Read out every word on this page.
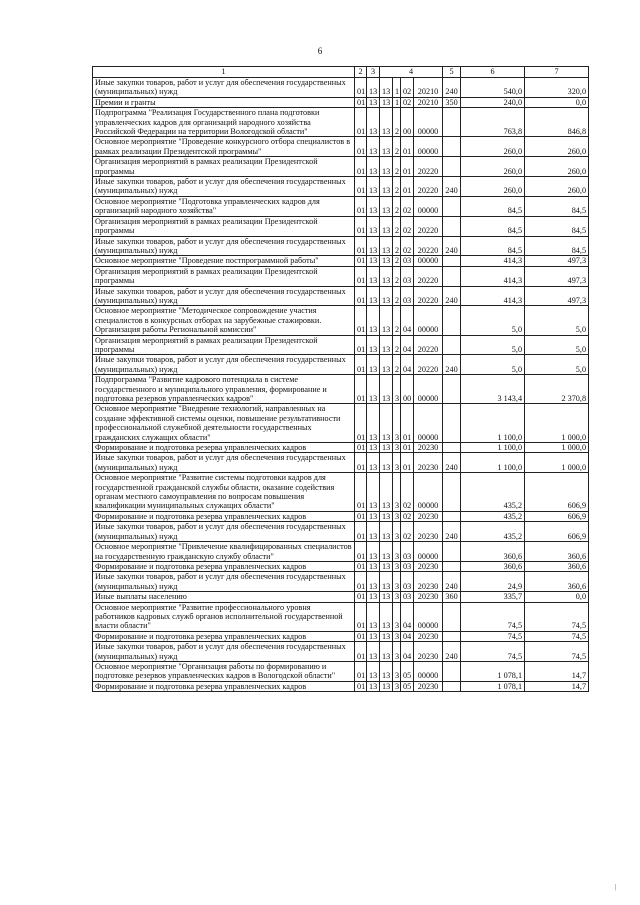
6
1	2	3	4				5	6	7
Иные закупки товаров, работ и услуг для обеспечения государственных (муниципальных) нужд	01	13	13	1	02	20210	240	540,0	320,0
Премии и гранты	01	13	13	1	02	20210	350	240,0	0,0
Подпрограмма "Реализация Государственного плана подготовки управленческих кадров для организаций народного хозяйства Российской Федерации на территории Вологодской области"	01	13	13	2	00	00000		763,8	846,8
Основное мероприятие "Проведение конкурсного отбора специалистов в рамках реализации Президентской программы"	01	13	13	2	01	00000		260,0	260,0
Организация мероприятий в рамках реализации Президентской программы	01	13	13	2	01	20220		260,0	260,0
Иные закупки товаров, работ и услуг для обеспечения государственных (муниципальных) нужд	01	13	13	2	01	20220	240	260,0	260,0
Основное мероприятие "Подготовка управленческих кадров для организаций народного хозяйства"	01	13	13	2	02	00000		84,5	84,5
Организация мероприятий в рамках реализации Президентской программы	01	13	13	2	02	20220		84,5	84,5
Иные закупки товаров, работ и услуг для обеспечения государственных (муниципальных) нужд	01	13	13	2	02	20220	240	84,5	84,5
Основное мероприятие "Проведение постпрограммной работы"	01	13	13	2	03	00000		414,3	497,3
Организация мероприятий в рамках реализации Президентской программы	01	13	13	2	03	20220		414,3	497,3
Иные закупки товаров, работ и услуг для обеспечения государственных (муниципальных) нужд	01	13	13	2	03	20220	240	414,3	497,3
Основное мероприятие "Методическое сопровождение участия специалистов в конкурсных отборах на зарубежные стажировки. Организация работы Региональной комиссии"	01	13	13	2	04	00000		5,0	5,0
Организация мероприятий в рамках реализации Президентской программы	01	13	13	2	04	20220		5,0	5,0
Иные закупки товаров, работ и услуг для обеспечения государственных (муниципальных) нужд	01	13	13	2	04	20220	240	5,0	5,0
Подпрограмма "Развитие кадрового потенциала в системе государственного и муниципального управления, формирование и подготовка резервов управленческих кадров"	01	13	13	3	00	00000		3 143,4	2 370,8
Основное мероприятие "Внедрение технологий, направленных на создание эффективной системы оценки, повышение результативности профессиональной служебной деятельности государственных гражданских служащих области"	01	13	13	3	01	00000		1 100,0	1 000,0
Формирование и подготовка резерва управленческих кадров	01	13	13	3	01	20230		1 100,0	1 000,0
Иные закупки товаров, работ и услуг для обеспечения государственных (муниципальных) нужд	01	13	13	3	01	20230	240	1 100,0	1 000,0
Основное мероприятие "Развитие системы подготовки кадров для государственной гражданской службы области, оказание содействия органам местного самоуправления по вопросам повышения квалификации муниципальных служащих области"	01	13	13	3	02	00000		435,2	606,9
Формирование и подготовка резерва управленческих кадров	01	13	13	3	02	20230		435,2	606,9
Иные закупки товаров, работ и услуг для обеспечения государственных (муниципальных) нужд	01	13	13	3	02	20230	240	435,2	606,9
Основное мероприятие "Привлечение квалифицированных специалистов на государственную гражданскую службу области"	01	13	13	3	03	00000		360,6	360,6
Формирование и подготовка резерва управленческих кадров	01	13	13	3	03	20230		360,6	360,6
Иные закупки товаров, работ и услуг для обеспечения государственных (муниципальных) нужд	01	13	13	3	03	20230	240	24,9	360,6
Иные выплаты населению	01	13	13	3	03	20230	360	335,7	0,0
Основное мероприятие "Развитие профессионального уровня работников кадровых служб органов исполнительной государственной власти области"	01	13	13	3	04	00000		74,5	74,5
Формирование и подготовка резерва управленческих кадров	01	13	13	3	04	20230		74,5	74,5
Иные закупки товаров, работ и услуг для обеспечения государственных (муниципальных) нужд	01	13	13	3	04	20230	240	74,5	74,5
Основное мероприятие "Организация работы по формированию и подготовке резервов управленческих кадров в Вологодской области"	01	13	13	3	05	00000		1 078,1	14,7
Формирование и подготовка резерва управленческих кадров	01	13	13	3	05	20230		1 078,1	14,7
|
